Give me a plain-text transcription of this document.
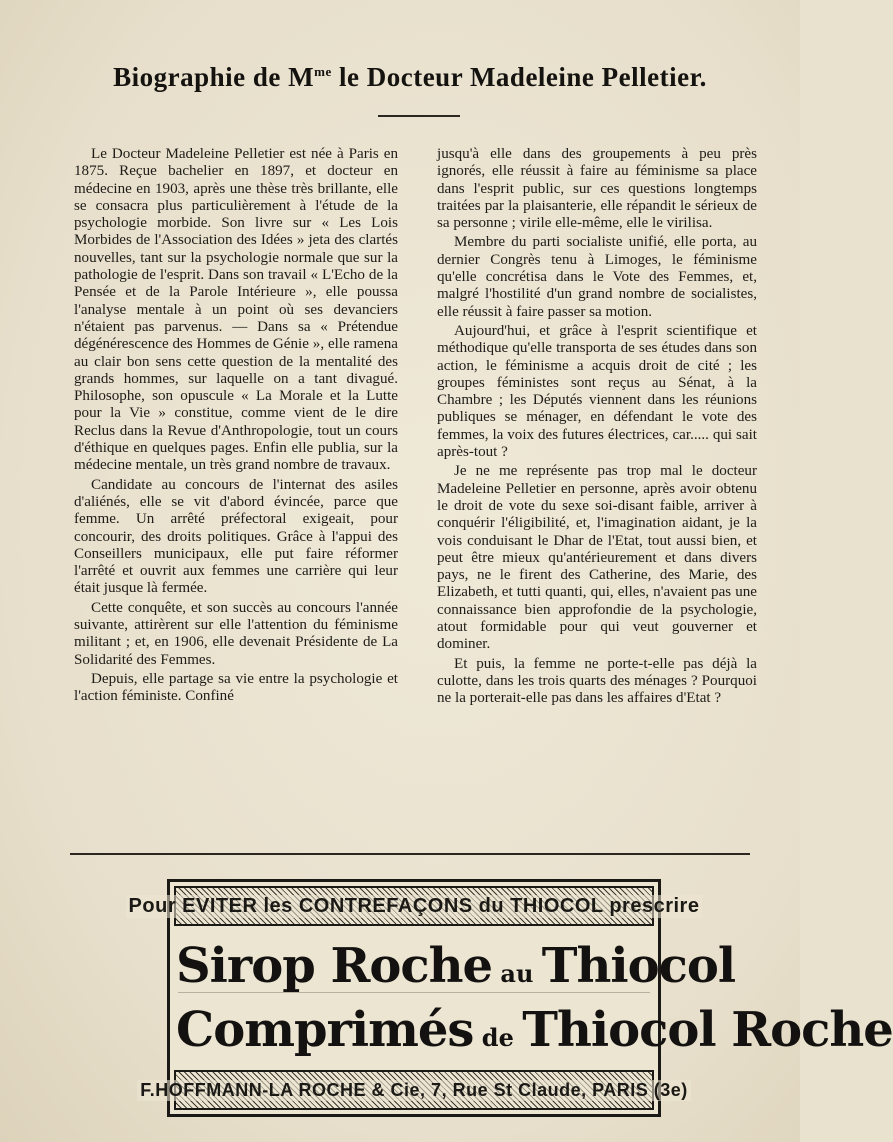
Biographie de $M^{me}$ le Docteur Madeleine Pelletier.

Le Docteur Madeleine Pelletier est née à Paris en 1875. Reçue bachelier en 1897, et docteur en médecine en 1903, après une thèse très brillante, elle se consacra plus particulièrement à l'étude de la psychologie morbide. Son livre sur « Les Lois Morbides de l'Association des Idées » jeta des clartés nouvelles, tant sur la psychologie normale que sur la pathologie de l'esprit. Dans son travail « L'Echo de la Pensée et de la Parole Intérieure », elle poussa l'analyse mentale à un point où ses devanciers n'étaient pas parvenus. — Dans sa « Prétendue dégénérescence des Hommes de Génie », elle ramena au clair bon sens cette question de la mentalité des grands hommes, sur laquelle on a tant divagué. Philosophe, son opuscule « La Morale et la Lutte pour la Vie » constitue, comme vient de le dire Reclus dans la Revue d'Anthropologie, tout un cours d'éthique en quelques pages. Enfin elle publia, sur la médecine mentale, un très grand nombre de travaux.

Candidate au concours de l'internat des asiles d'aliénés, elle se vit d'abord évincée, parce que femme. Un arrêté préfectoral exigeait, pour concourir, des droits politiques. Grâce à l'appui des Conseillers municipaux, elle put faire réformer l'arrêté et ouvrit aux femmes une carrière qui leur était jusque là fermée.

Cette conquête, et son succès au concours l'année suivante, attirèrent sur elle l'attention du féminisme militant ; et, en 1906, elle devenait Présidente de La Solidarité des Femmes.

Depuis, elle partage sa vie entre la psychologie et l'action féministe. Confiné

jusqu'à elle dans des groupements à peu près ignorés, elle réussit à faire au féminisme sa place dans l'esprit public, sur ces questions longtemps traitées par la plaisanterie, elle répandit le sérieux de sa personne ; virile elle-même, elle le virilisa.

Membre du parti socialiste unifié, elle porta, au dernier Congrès tenu à Limoges, le féminisme qu'elle concrétisa dans le Vote des Femmes, et, malgré l'hostilité d'un grand nombre de socialistes, elle réussit à faire passer sa motion.

Aujourd'hui, et grâce à l'esprit scientifique et méthodique qu'elle transporta de ses études dans son action, le féminisme a acquis droit de cité ; les groupes féministes sont reçus au Sénat, à la Chambre ; les Députés viennent dans les réunions publiques se ménager, en défendant le vote des femmes, la voix des futures électrices, car..... qui sait après-tout ?

Je ne me représente pas trop mal le docteur Madeleine Pelletier en personne, après avoir obtenu le droit de vote du sexe soi-disant faible, arriver à conquérir l'éligibilité, et, l'imagination aidant, je la vois conduisant le Dhar de l'Etat, tout aussi bien, et peut être mieux qu'antérieurement et dans divers pays, ne le firent des Catherine, des Marie, des Elizabeth, et tutti quanti, qui, elles, n'avaient pas une connaissance bien approfondie de la psychologie, atout formidable pour qui veut gouverner et dominer.

Et puis, la femme ne porte-t-elle pas déjà la culotte, dans les trois quarts des ménages ? Pourquoi ne la porterait-elle pas dans les affaires d'Etat ?

Pour EVITER les CONTREFAÇONS du THIOCOL prescrire
Sirop Roche au Thiocol
Comprimés de Thiocol Roche
F.HOFFMANN-LA ROCHE & Cie, 7, Rue St Claude, PARIS (3e)
